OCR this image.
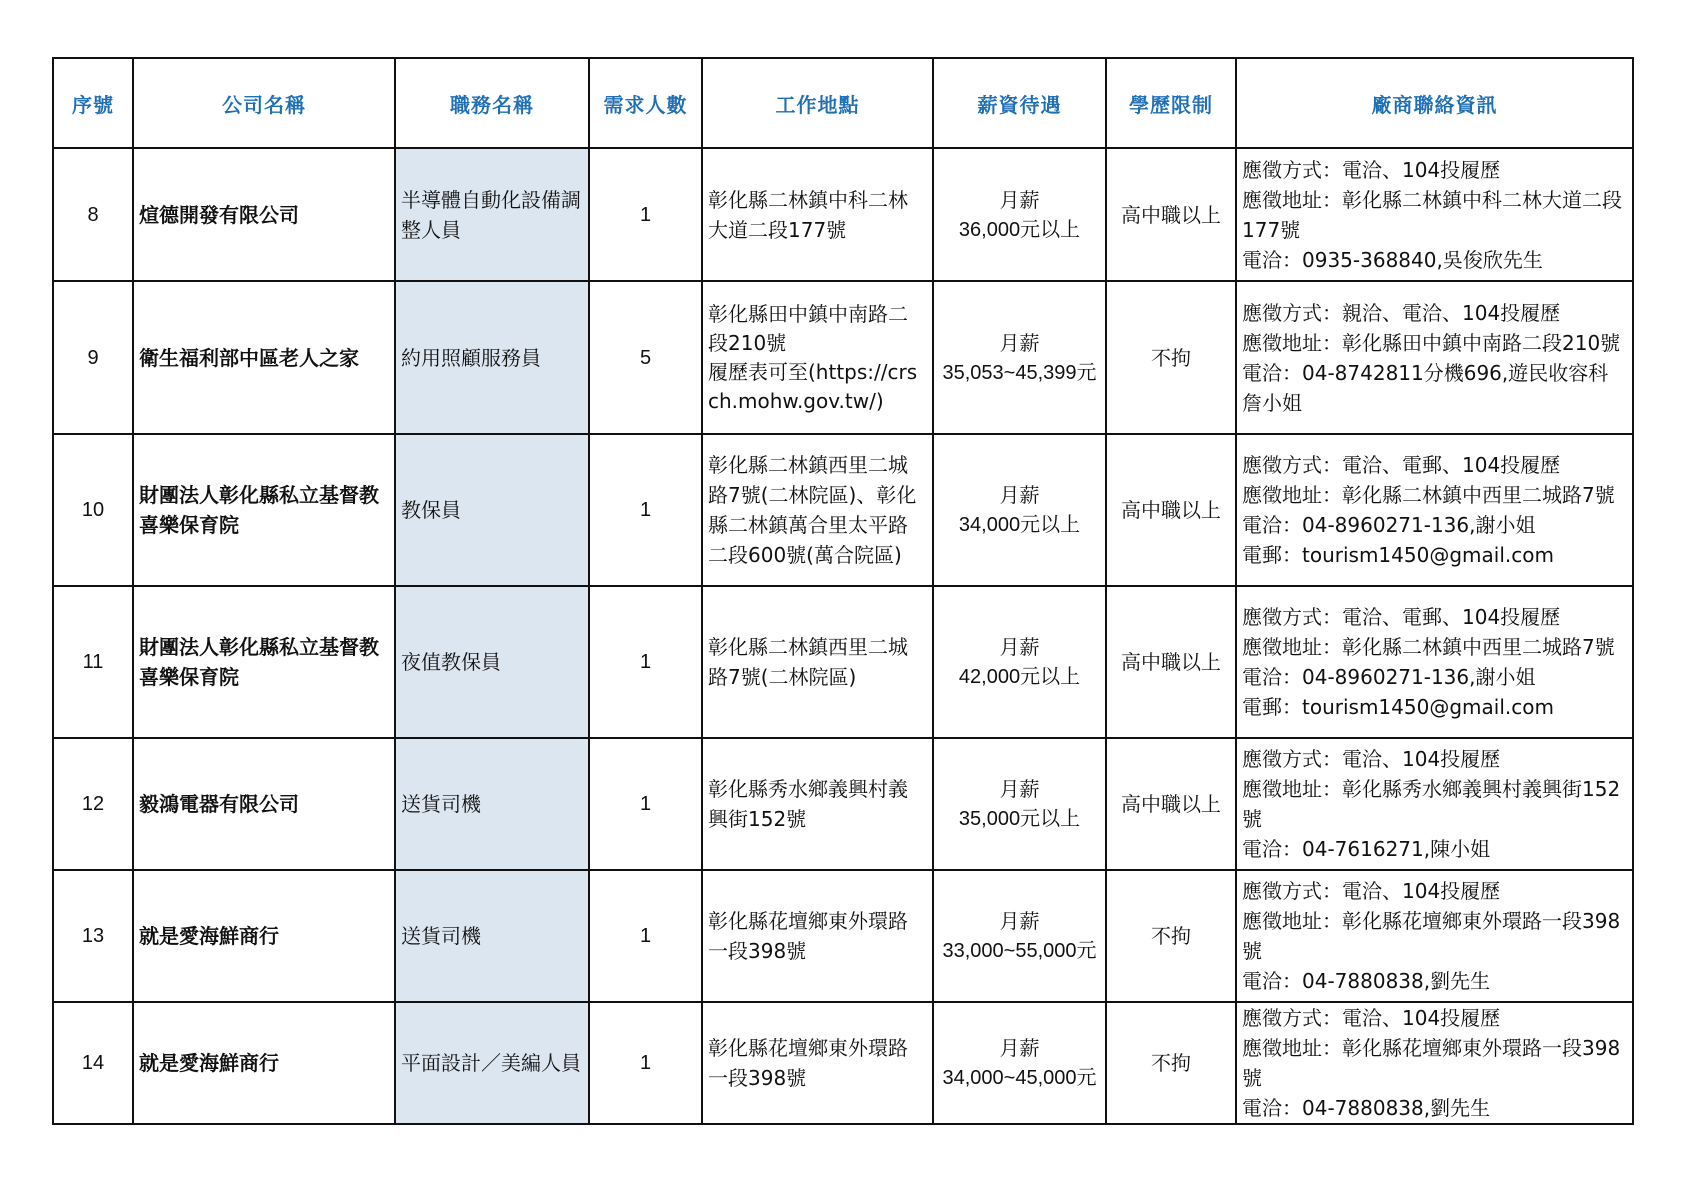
序號	公司名稱	職務名稱	需求人數	工作地點	薪資待遇	學歷限制	廠商聯絡資訊
8	煊德開發有限公司	半導體自動化設備調整人員	1	彰化縣二林鎮中科二林大道二段177號	月薪
36,000元以上	高中職以上	應徵方式：電洽、104投履歷
應徵地址：彰化縣二林鎮中科二林大道二段177號
電洽：0935-368840,吳俊欣先生

9	衛生福利部中區老人之家	約用照顧服務員	5	彰化縣田中鎮中南路二段210號
履歷表可至(https://crsch.mohw.gov.tw/)	月薪
35,053~45,399元	不拘	應徵方式：親洽、電洽、104投履歷
應徵地址：彰化縣田中鎮中南路二段210號
電洽：04-8742811分機696,遊民收容科詹小姐

10	財團法人彰化縣私立基督教喜樂保育院	教保員	1	彰化縣二林鎮西里二城路7號(二林院區)、彰化縣二林鎮萬合里太平路二段600號(萬合院區)	月薪
34,000元以上	高中職以上	應徵方式：電洽、電郵、104投履歷
應徵地址：彰化縣二林鎮中西里二城路7號
電洽：04-8960271-136,謝小姐
電郵：tourism1450@gmail.com

11	財團法人彰化縣私立基督教喜樂保育院	夜值教保員	1	彰化縣二林鎮西里二城路7號(二林院區)	月薪
42,000元以上	高中職以上	應徵方式：電洽、電郵、104投履歷
應徵地址：彰化縣二林鎮中西里二城路7號
電洽：04-8960271-136,謝小姐
電郵：tourism1450@gmail.com

12	毅鴻電器有限公司	送貨司機	1	彰化縣秀水鄉義興村義興街152號	月薪
35,000元以上	高中職以上	應徵方式：電洽、104投履歷
應徵地址：彰化縣秀水鄉義興村義興街152號
電洽：04-7616271,陳小姐

13	就是愛海鮮商行	送貨司機	1	彰化縣花壇鄉東外環路一段398號	月薪
33,000~55,000元	不拘	應徵方式：電洽、104投履歷
應徵地址：彰化縣花壇鄉東外環路一段398號
電洽：04-7880838,劉先生

14	就是愛海鮮商行	平面設計／美編人員	1	彰化縣花壇鄉東外環路一段398號	月薪
34,000~45,000元	不拘	應徵方式：電洽、104投履歷
應徵地址：彰化縣花壇鄉東外環路一段398號
電洽：04-7880838,劉先生
